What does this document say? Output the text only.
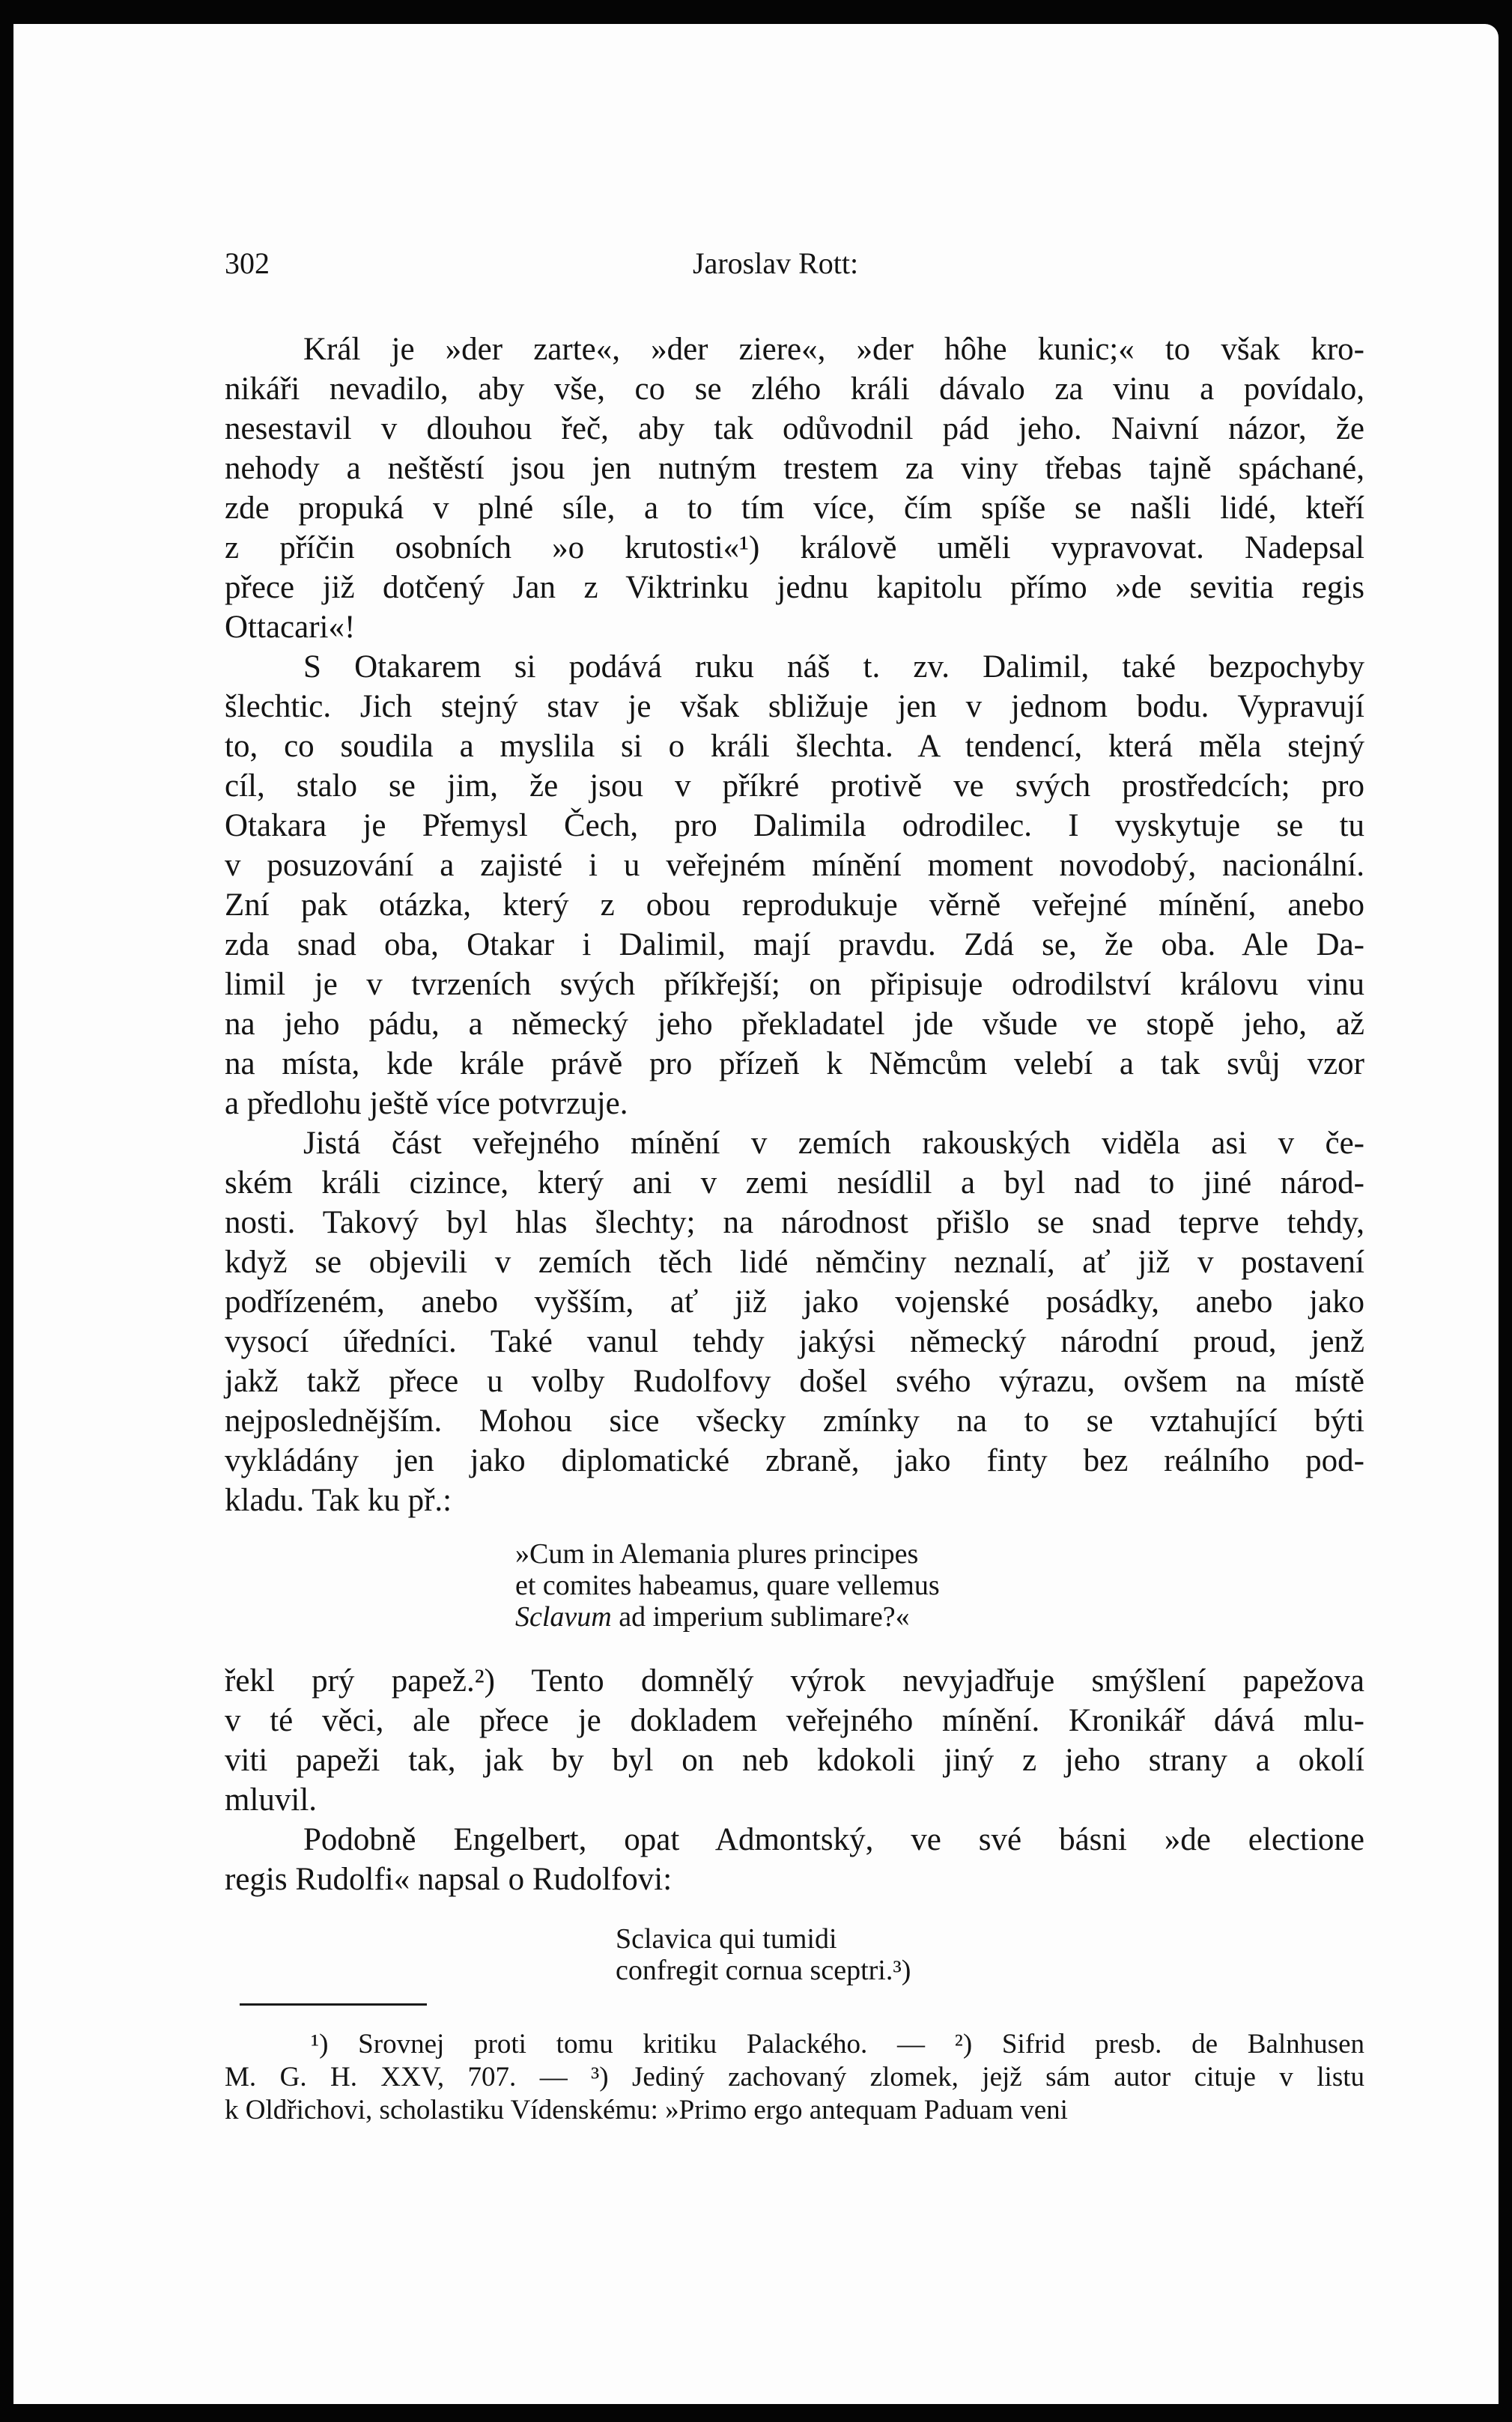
302	Jaroslav Rott:
Král je »der zarte«, »der ziere«, »der hôhe kunic;« to však kro-
nikáři nevadilo, aby vše, co se zlého králi dávalo za vinu a povídalo,
nesestavil v dlouhou řeč, aby tak odůvodnil pád jeho. Naivní názor, že
nehody a neštěstí jsou jen nutným trestem za viny třebas tajně spáchané,
zde propuká v plné síle, a to tím více, čím spíše se našli lidé, kteří
z příčin osobních »o krutosti«¹) královĕ umĕli vypravovat. Nadepsal
přece již dotčený Jan z Viktrinku jednu kapitolu přímo »de sevitia regis
Ottacari«!
S Otakarem si podává ruku náš t. zv. Dalimil, také bezpochyby
šlechtic. Jich stejný stav je však sbližuje jen v jednom bodu. Vypravují
to, co soudila a myslila si o králi šlechta. A tendencí, která měla stejný
cíl, stalo se jim, že jsou v příkré protivě ve svých prostředcích; pro
Otakara je Přemysl Čech, pro Dalimila odrodilec. I vyskytuje se tu
v posuzování a zajisté i u veřejném mínění moment novodobý, nacionální.
Zní pak otázka, který z obou reprodukuje věrně veřejné mínění, anebo
zda snad oba, Otakar i Dalimil, mají pravdu. Zdá se, že oba. Ale Da-
limil je v tvrzeních svých příkřejší; on připisuje odrodilství královu vinu
na jeho pádu, a německý jeho překladatel jde všude ve stopě jeho, až
na místa, kde krále právě pro přízeň k Němcům velebí a tak svůj vzor
a předlohu ještě více potvrzuje.
Jistá část veřejného mínění v zemích rakouských viděla asi v če-
ském králi cizince, který ani v zemi nesídlil a byl nad to jiné národ-
nosti. Takový byl hlas šlechty; na národnost přišlo se snad teprve tehdy,
když se objevili v zemích těch lidé němčiny neznalí, ať již v postavení
podřízeném, anebo vyšším, ať již jako vojenské posádky, anebo jako
vysocí úředníci. Také vanul tehdy jakýsi německý národní proud, jenž
jakž takž přece u volby Rudolfovy došel svého výrazu, ovšem na místě
nejposlednějším. Mohou sice všecky zmínky na to se vztahující býti
vykládány jen jako diplomatické zbraně, jako finty bez reálního pod-
kladu. Tak ku př.:
»Cum in Alemania plures principes
et comites habeamus, quare vellemus
Sclavum ad imperium sublimare?«
řekl prý papež.²) Tento domnělý výrok nevyjadřuje smýšlení papežova
v té věci, ale přece je dokladem veřejného mínění. Kronikář dává mlu-
viti papeži tak, jak by byl on neb kdokoli jiný z jeho strany a okolí
mluvil.
Podobně Engelbert, opat Admontský, ve své básni »de electione
regis Rudolfi« napsal o Rudolfovi:
Sclavica qui tumidi
confregit cornua sceptri.³)
¹) Srovnej proti tomu kritiku Palackého. — ²) Sifrid presb. de Balnhusen
M. G. H. XXV, 707. — ³) Jediný zachovaný zlomek, jejž sám autor cituje v listu
k Oldřichovi, scholastiku Vídenskému: »Primo ergo antequam Paduam veni
